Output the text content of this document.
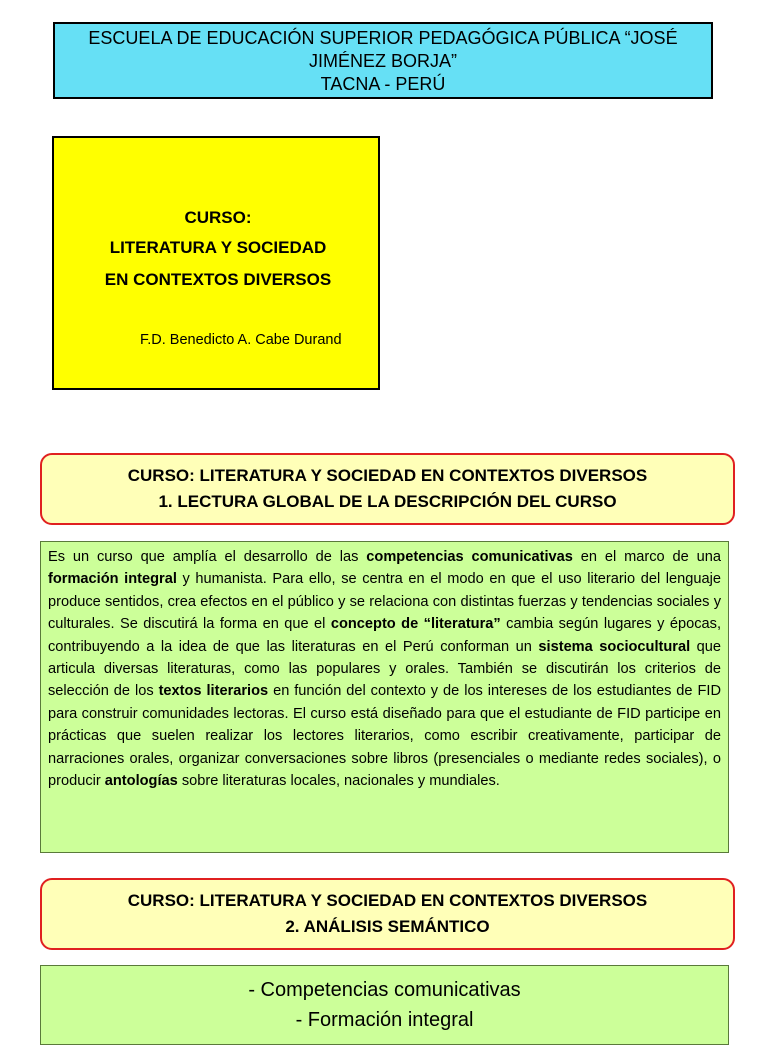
ESCUELA DE EDUCACIÓN SUPERIOR PEDAGÓGICA PÚBLICA “JOSÉ
JIMÉNEZ BORJA”
TACNA - PERÚ
CURSO:
LITERATURA Y SOCIEDAD
EN CONTEXTOS DIVERSOS
F.D. Benedicto A. Cabe Durand
CURSO: LITERATURA Y SOCIEDAD EN CONTEXTOS DIVERSOS
1. LECTURA GLOBAL DE LA DESCRIPCIÓN DEL CURSO
Es un curso que amplía el desarrollo de las competencias comunicativas en el marco de una formación integral y humanista. Para ello, se centra en el modo en que el uso literario del lenguaje produce sentidos, crea efectos en el público y se relaciona con distintas fuerzas y tendencias sociales y culturales. Se discutirá la forma en que el concepto de “literatura” cambia según lugares y épocas, contribuyendo a la idea de que las literaturas en el Perú conforman un sistema sociocultural que articula diversas literaturas, como las populares y orales. También se discutirán los criterios de selección de los textos literarios en función del contexto y de los intereses de los estudiantes de FID para construir comunidades lectoras. El curso está diseñado para que el estudiante de FID participe en prácticas que suelen realizar los lectores literarios, como escribir creativamente, participar de narraciones orales, organizar conversaciones sobre libros (presenciales o mediante redes sociales), o producir antologías sobre literaturas locales, nacionales y mundiales.
CURSO: LITERATURA Y SOCIEDAD EN CONTEXTOS DIVERSOS
2. ANÁLISIS SEMÁNTICO
- Competencias comunicativas
- Formación integral
